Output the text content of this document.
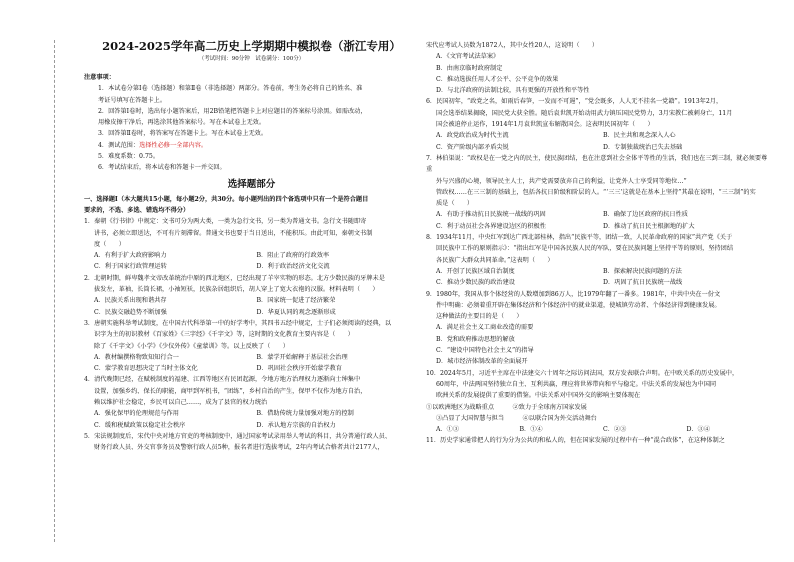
2024-2025学年高二历史上学期期中模拟卷（浙江专用）

（考试时间：90分钟　试卷满分：100分）

注意事项：

1．本试卷分第Ⅰ卷（选择题）和第Ⅱ卷（非选择题）两部分。答卷前，考生务必将自己的姓名、准

考证号填写在答题卡上。

2．回答第Ⅰ卷时，选出每小题答案后，用2B铅笔把答题卡上对应题目的答案标号涂黑。如需改动，

用橡皮擦干净后，再选涂其他答案标号。写在本试卷上无效。

3．回答第Ⅱ卷时，将答案写在答题卡上。写在本试卷上无效。

4．测试范围：选择性必修一全部内容。

5．难度系数：0.75。

6．考试结束后，将本试卷和答题卡一并交回。

选择题部分

一、选择题Ⅰ（本大题共15小题，每小题2分，共30分。每小题列出的四个备选项中只有一个是符合题目

要求的，不选、多选、错选均不得分）

1．秦朝《行书律》中规定：文书可分为两大类，一类为急行文书，另一类为普通文书。急行文书随即寄

讲书，必须立即送达，不可有片刻滞留。普通文书也要于当日送出，不能积压。由此可知，秦朝文书制

度（　　）

A．有利于扩大政府影响力	B．阻止了政府的行政效率

C．利于国家行政管理运转	D．利于政治经济文化交流

2．北朝时期，鲜卑魏孝文帝改革统治中原的西北地区，已经出现了羊宰实物的形态。北方少数民族的牙牌未是

拔发左，革袖，长筒长裙，小袖短袄，民族杂居组织后，胡人穿上了宽大衣袍的汉服。材料表明（　　）

A．民族关系出现和谐共存	B．国家统一促进了经济繁荣

C．民族交融趋势不断加强	D．华夏认同的观念逐渐形成

3．唐朝实施科举考试制度，在中国古代科举第一中的好学考中，其四书五经中规定，士子们必须阅读的经典，以

识字为主的初识教材《百家姓》《三字经》《千字文》等，这时期的文化教育主要内容是（　　）

除了《千字文》《小学》《少仪外传》《童蒙训》等。以上反映了（　　）

A．教材编撰格物致知知行合一	B．蒙学开始解释于基层社会治理

C．蒙学教育思想决定了当时主体文化	D．巩固社会秩序开始蒙学教育

4．清代晚期已经，在赋税制度的福建、江西等地区有民团起源，令地方地方治理权力逐渐向士绅集中

设置，加强乡约、保长的职能，商甲到军机书，“团练”，乡村自治的产生，保甲不仅作为地方自治，

赖以维护社会稳定，乡民可以自己……，成为了县官的权力统治

A．强化保甲的伦理规范与作用	B．借助传统力量加强对地方的控制

C．缓和税赋政策以稳定社会秩序	D．承认地方宗族的自治权力

5．宋法规制度后，宋代中央对地方官吏的考核制度中，通过国家考试录用举人考试的科目，共分普通行政人员、

财务行政人员、外交官事务员及警察行政人员5种，报名者进行选拔考试，2年内考试合格者共计2177人，

宋代应考试人员数为1872人，其中女性20人，这说明（　　）

A．《文官考试法草案》

B．由南京临时政府制定

C．推动选拔任用人才公平、公平竞争的效果

D．与北洋政府的法制比较，具有更强的开放性和平等性

6．民国初年，“政党之名，如雨后春笋，一发而不可遏”，“党会既多，人人无不挂名一党籍”。1913年2月，

国会选举结果揭晓，国民党大获全胜。随后袁世凯开始动用武力镇压国民党势力，3月宋教仁被刺身亡，11月

国会被迫停止运作，1914年1月袁世凯宣布解散国会。这表明民国初年（　　）

A．政党政治成为时代主流	B．民主共和观念深入人心

C．资产阶级内部矛盾尖锐	D．专制独裁统治已失去基础

7．林伯渠说：“政权是在一党之内的民主，使民族团结，也在注意到社会全体平等性的生活，我们也在三到三制，就必须要尊重

外与兴盛的心境，领导民主人士，共产党需要放弃自己的利益，让党外人士享受同等地位…”

管政权……在三三制的基础上，包括各抗日阶级和阶层的人。“‘三三’这就是在基本上坚持”其最在说明，“三三制”的实

质是（　　）

A．有助于推动抗日民族统一战线的巩固	B．确保了边区政府的抗日性质

C．利于动员社会各界建设边区的积极性	D．推动了抗日民主根据地的扩大

8．1934年11月，中央红军到达广西北部桂林，指出“民族平等，团结一致，人民革命政府的国家”共产党《关于

回民族中工作的原则指示》：“指出红军是中国各民族人民的军队，要在民族问题上坚持平等的原则，坚持团结

各民族广大群众共同革命。”这表明（　　）

A．开创了民族区域自治制度	B．探索解决民族问题的方法

C．推动少数民族的政治建设	D．巩固了抗日民族统一战线

9．1980年，我国从事个体经营的人数增加到86万人，比1979年翻了一番多。1981年，中共中央在一份文

件中明确：必须着重开辟在集体经济和个体经济中的就业渠道，使城镇劳动者、个体经济得到健康发展。

这种做法的主要目的是（　　）

A．满足社会主义工商业改造的需要

B．党和政府推动思想的解放

C．“建设中国特色社会主义”的指导

D．城市经济体制改革的全面展开

10．2024年5月，习近平主席在中法建交六十周年之际访问法国，双方发表联合声明。在中欧关系的历史发展中，

60周年，中法两国坚持独立自主、互利共赢，理应将世界带向和平与稳定。中法关系的发展也为中国同

欧洲关系的发展提供了重要的借鉴。中法关系对中国外交的影响主要体现在

①以欧洲地区为战略重点　　　②致力于全球南方国家发展

③凸显了大国智慧与担当　　　④以联合国为外交活动舞台

A．①③	B．①④	C．②③	D．③④

11．历史学家通常把人的行为分为公共的和私人的，但在国家发展的过程中有一种“混合政体”，在这种体制之
